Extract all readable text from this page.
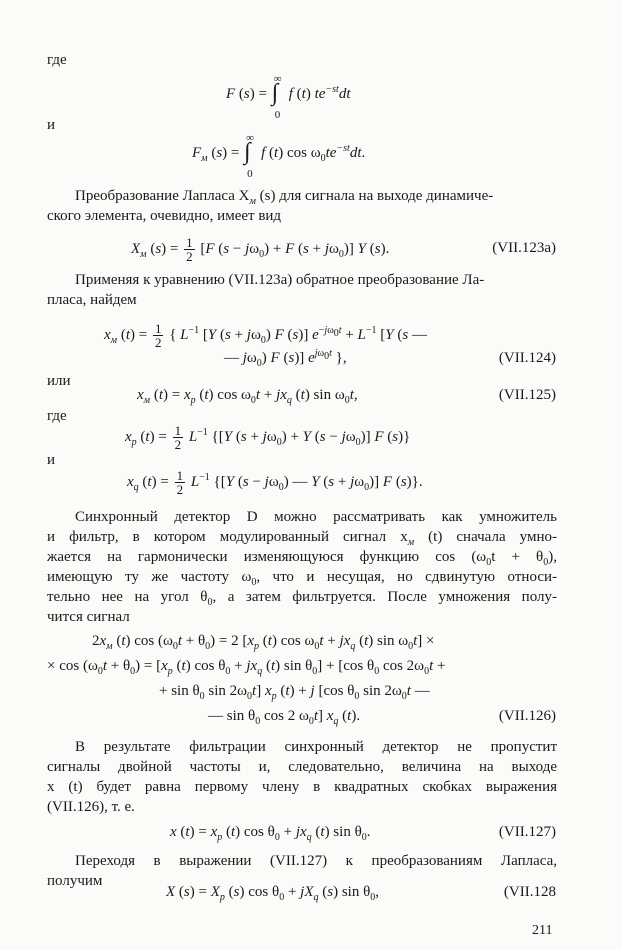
где
F (s) =
∞
∫
0
f (t) $te^{-st}dt$
и
$F_м$ (s) =
∞
∫
0
f (t) $\cos \omega_0te^{-st}dt$.
Преобразование Лапласа $X_м$ (s) для сигнала на выходе динамиче-
ского элемента, очевидно, имеет вид
$X_м$ $(s) = \frac{1}{2} [F$ $(s - j\omega_0) + F$ $(s + j\omega_0)$] Y (s).	(VII.123а)
Применяя к уравнению (VII.123а) обратное преобразование Ла-
пласа, найдем
$x_м$ $(t) = \frac{1}{2}$ { $L^{-1}$ [Y $(s + j\omega_0)$ F (s)] $e^{-j\omega_0t} + L^{-1}$ [Y (s —
— $j\omega_0$) F (s)] $e^{j\omega_0t}$ },	(VII.124)
или
$x_м$ $(t) = x_p$ (t) $\cos \omega_0t + jx_q$ (t) $\sin \omega_0t$,	(VII.125)
где
$x_p$ $(t) = \frac{1}{2} L^{-1}$ {[Y $(s + j\omega_0) + Y$ $(s - j\omega_0)$] F (s)}
и
$x_q$ $(t) = \frac{1}{2} L^{-1}$ {[Y $(s - j\omega_0)$ — Y $(s + j\omega_0)$] F (s)}.
Синхронный детектор D можно рассматривать как умножитель
и фильтр, в котором модулированный сигнал $x_м$ (t) сначала умно-
жается на гармонически изменяющуюся функцию $\cos (\omega_0t + \theta_0)$,
имеющую ту же частоту $\omega_0$, что и несущая, но сдвинутую относи-
тельно нее на угол $\theta_0$, а затем фильтруется. После умножения полу-
чится сигнал
$2x_м$ (t) $\cos (\omega_0t + \theta_0) = 2$ [$x_p$ (t) $\cos \omega_0t + jx_q$ (t) $\sin \omega_0t$] ×
× $\cos (\omega_0t + \theta_0) = [x_p$ (t) $\cos \theta_0 + jx_q$ (t) $\sin \theta_0] + [\cos$ $\theta_0$ $\cos 2\omega_0t$ +
+ $\sin \theta_0$ $\sin 2\omega_0t$] $x_p$ (t) + j [cos $\theta_0$ $\sin 2\omega_0t$ —
— $\sin \theta_0$ cos 2 $\omega_0t$] $x_q$ (t).	(VII.126)
В результате фильтрации синхронный детектор не пропустит
сигналы двойной частоты и, следовательно, величина на выходе
x (t) будет равна первому члену в квадратных скобках выражения
(VII.126), т. е.
x $(t) = x_p$ (t) $\cos \theta_0 + jx_q$ (t) $\sin \theta_0$.	(VII.127)
Переходя в выражении (VII.127) к преобразованиям Лапласа,
получим
X $(s) = X_p$ (s) $\cos \theta_0 + jX_q$ (s) $\sin \theta_0$,	(VII.128
211
